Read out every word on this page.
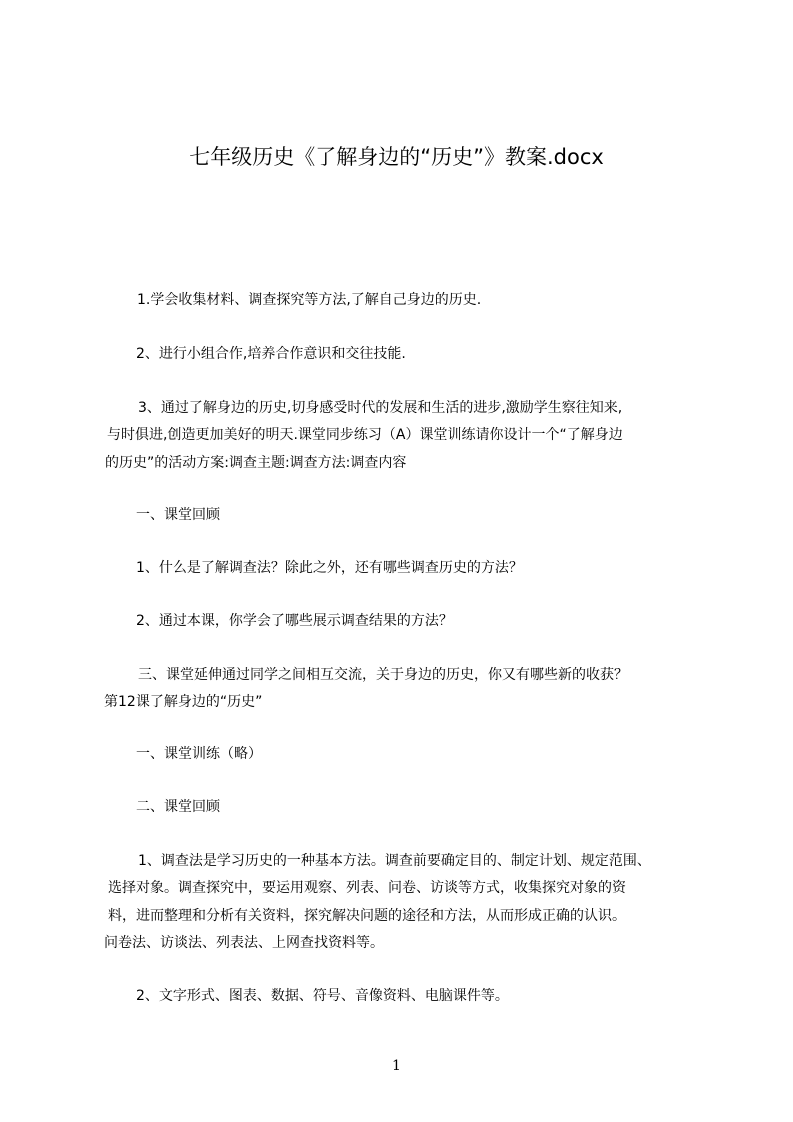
七年级历史《了解身边的“历史”》教案.docx
1.学会收集材料、调查探究等方法,了解自己身边的历史.
2、进行小组合作,培养合作意识和交往技能.
3、通过了解身边的历史,切身感受时代的发展和生活的进步,激励学生察往知来,
与时俱进,创造更加美好的明天.课堂同步练习（A）课堂训练请你设计一个“了解身边
的历史”的活动方案:调查主题:调查方法:调查内容
一、课堂回顾
1、什么是了解调查法？除此之外，还有哪些调查历史的方法？
2、通过本课，你学会了哪些展示调查结果的方法？
三、课堂延伸通过同学之间相互交流，关于身边的历史，你又有哪些新的收获？
第12课了解身边的“历史”
一、课堂训练（略）
二、课堂回顾
1、调查法是学习历史的一种基本方法。调查前要确定目的、制定计划、规定范围、
选择对象。调查探究中，要运用观察、列表、问卷、访谈等方式，收集探究对象的资
料，进而整理和分析有关资料，探究解决问题的途径和方法，从而形成正确的认识。
问卷法、访谈法、列表法、上网查找资料等。
2、文字形式、图表、数据、符号、音像资料、电脑课件等。
1
